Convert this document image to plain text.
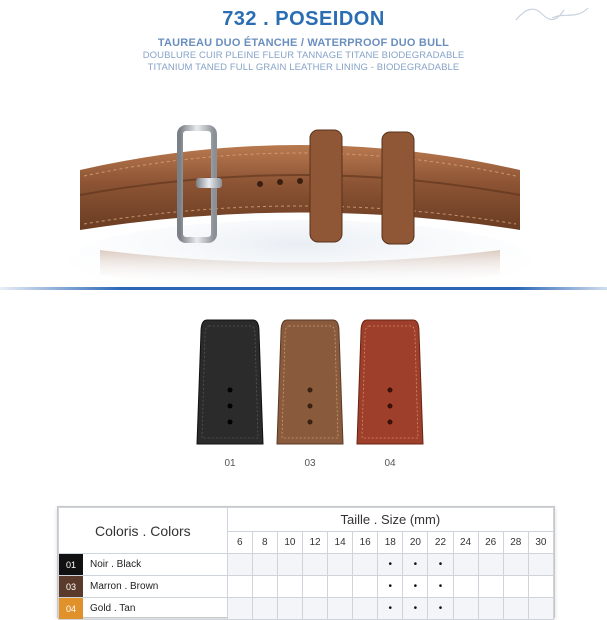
732 . POSEIDON
TAUREAU DUO ÉTANCHE / WATERPROOF DUO BULL
DOUBLURE CUIR PLEINE FLEUR TANNAGE TITANE BIODEGRADABLE
TITANIUM TANED FULL GRAIN LEATHER LINING - BIODEGRADABLE
01	03	04
Coloris . Colors	Taille . Size (mm)												
	6	8	10	12	14	16	18	20	22	24	26	28	30

01 Noir . Black							•	•	•				

03 Marron . Brown							•	•	•				

04 Gold . Tan							•	•	•				
